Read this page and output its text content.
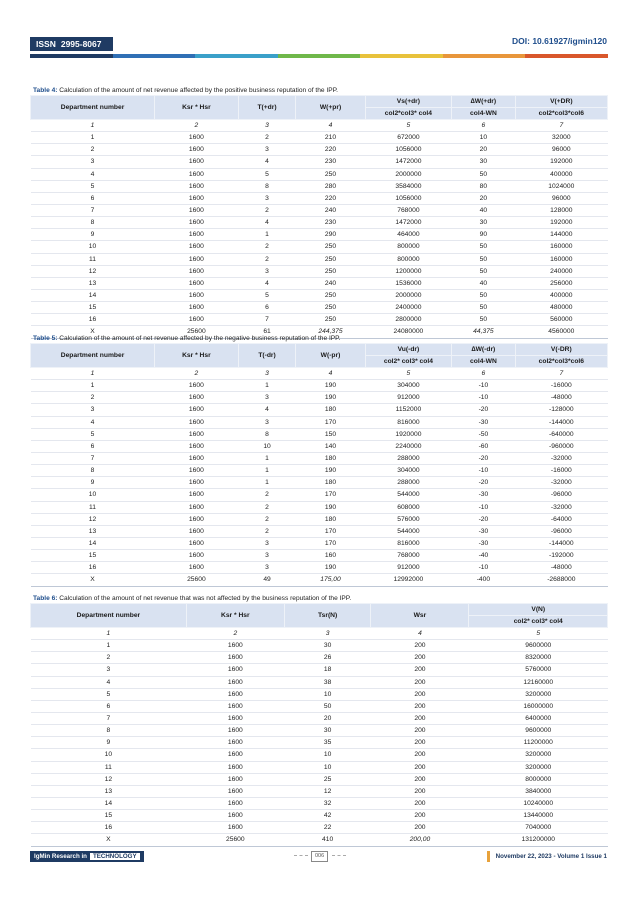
ISSN 2995-8067	DOI: 10.61927/igmin120

Table 4: Calculation of the amount of net revenue affected by the positive business reputation of the IPP.

Department number	Ksr * Hsr	T(+dr)	W(+pr)	Vs(+dr)	∆W(+dr)	V(+DR)
				col2*col3* col4	col4-WN	col2*col3*col6
1	2	3	4	5	6	7
1	1600	2	210	672000	10	32000
2	1600	3	220	1056000	20	96000
3	1600	4	230	1472000	30	192000
4	1600	5	250	2000000	50	400000
5	1600	8	280	3584000	80	1024000
6	1600	3	220	1056000	20	96000
7	1600	2	240	768000	40	128000
8	1600	4	230	1472000	30	192000
9	1600	1	290	464000	90	144000
10	1600	2	250	800000	50	160000
11	1600	2	250	800000	50	160000
12	1600	3	250	1200000	50	240000
13	1600	4	240	1536000	40	256000
14	1600	5	250	2000000	50	400000
15	1600	6	250	2400000	50	480000
16	1600	7	250	2800000	50	560000
X	25600	61	244,375	24080000	44,375	4560000

Table 5: Calculation of the amount of net revenue affected by the negative business reputation of the IPP.

Department number	Ksr * Hsr	T(-dr)	W(-pr)	Vu(-dr)	∆W(-dr)	V(-DR)
				col2* col3* col4	col4-WN	col2*col3*col6
1	2	3	4	5	6	7
1	1600	1	190	304000	-10	-16000
2	1600	3	190	912000	-10	-48000
3	1600	4	180	1152000	-20	-128000
4	1600	3	170	816000	-30	-144000
5	1600	8	150	1920000	-50	-640000
6	1600	10	140	2240000	-60	-960000
7	1600	1	180	288000	-20	-32000
8	1600	1	190	304000	-10	-16000
9	1600	1	180	288000	-20	-32000
10	1600	2	170	544000	-30	-96000
11	1600	2	190	608000	-10	-32000
12	1600	2	180	576000	-20	-64000
13	1600	2	170	544000	-30	-96000
14	1600	3	170	816000	-30	-144000
15	1600	3	160	768000	-40	-192000
16	1600	3	190	912000	-10	-48000
X	25600	49	175,00	12992000	-400	-2688000

Table 6: Calculation of the amount of net revenue that was not affected by the business reputation of the IPP.

Department number	Ksr * Hsr	Tsr(N)	Wsr	V(N)
				col2* col3* col4
1	2	3	4	5
1	1600	30	200	9600000
2	1600	26	200	8320000
3	1600	18	200	5760000
4	1600	38	200	12160000
5	1600	10	200	3200000
6	1600	50	200	16000000
7	1600	20	200	6400000
8	1600	30	200	9600000
9	1600	35	200	11200000
10	1600	10	200	3200000
11	1600	10	200	3200000
12	1600	25	200	8000000
13	1600	12	200	3840000
14	1600	32	200	10240000
15	1600	42	200	13440000
16	1600	22	200	7040000
X	25600	410	200,00	131200000
IgMin Research in TECHNOLOGY	006	November 22, 2023 - Volume 1 Issue 1
